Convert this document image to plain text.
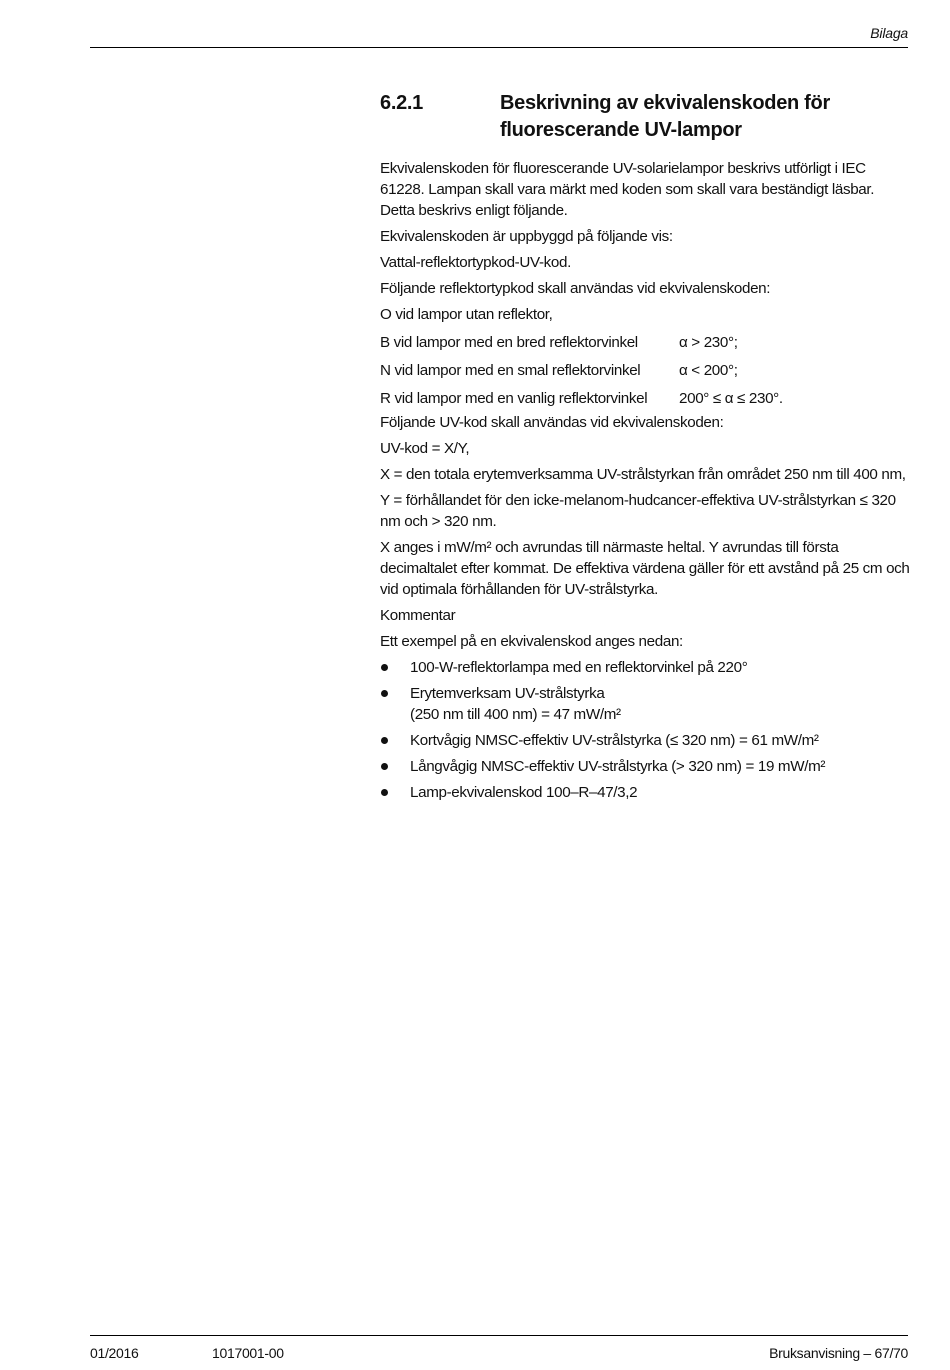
Bilaga
6.2.1	Beskrivning av ekvivalenskoden för
fluorescerande UV-lampor

Ekvivalenskoden för fluorescerande UV-solarielampor beskrivs utförligt i IEC 61228. Lampan skall vara märkt med koden som skall vara beständigt läsbar. Detta beskrivs enligt följande.

Ekvivalenskoden är uppbyggd på följande vis:

Vattal-reflektortypkod-UV-kod.

Följande reflektortypkod skall användas vid ekvivalenskoden:

O vid lampor utan reflektor,

B vid lampor med en bred reflektorvinkel	α > 230°;
N vid lampor med en smal reflektorvinkel	α < 200°;
R vid lampor med en vanlig reflektorvinkel	200° ≤ α ≤ 230°.

Följande UV-kod skall användas vid ekvivalenskoden:

UV-kod = X/Y,

X = den totala erytemverksamma UV-strålstyrkan från området 250 nm till 400 nm,

Y = förhållandet för den icke-melanom-hudcancer-effektiva UV-strålstyrkan ≤ 320 nm och > 320 nm.

X anges i mW/m² och avrundas till närmaste heltal. Y avrundas till första decimaltalet efter kommat. De effektiva värdena gäller för ett avstånd på 25 cm och vid optimala förhållanden för UV-strålstyrka.

Kommentar

Ett exempel på en ekvivalenskod anges nedan:

100-W-reflektorlampa med en reflektorvinkel på 220°
Erytemverksam UV-strålstyrka
(250 nm till 400 nm) = 47 mW/m²
Kortvågig NMSC-effektiv UV-strålstyrka (≤ 320 nm) = 61 mW/m²
Långvågig NMSC-effektiv UV-strålstyrka (> 320 nm) = 19 mW/m²
Lamp-ekvivalenskod 100–R–47/3,2
01/2016	1017001-00	Bruksanvisning – 67/70
